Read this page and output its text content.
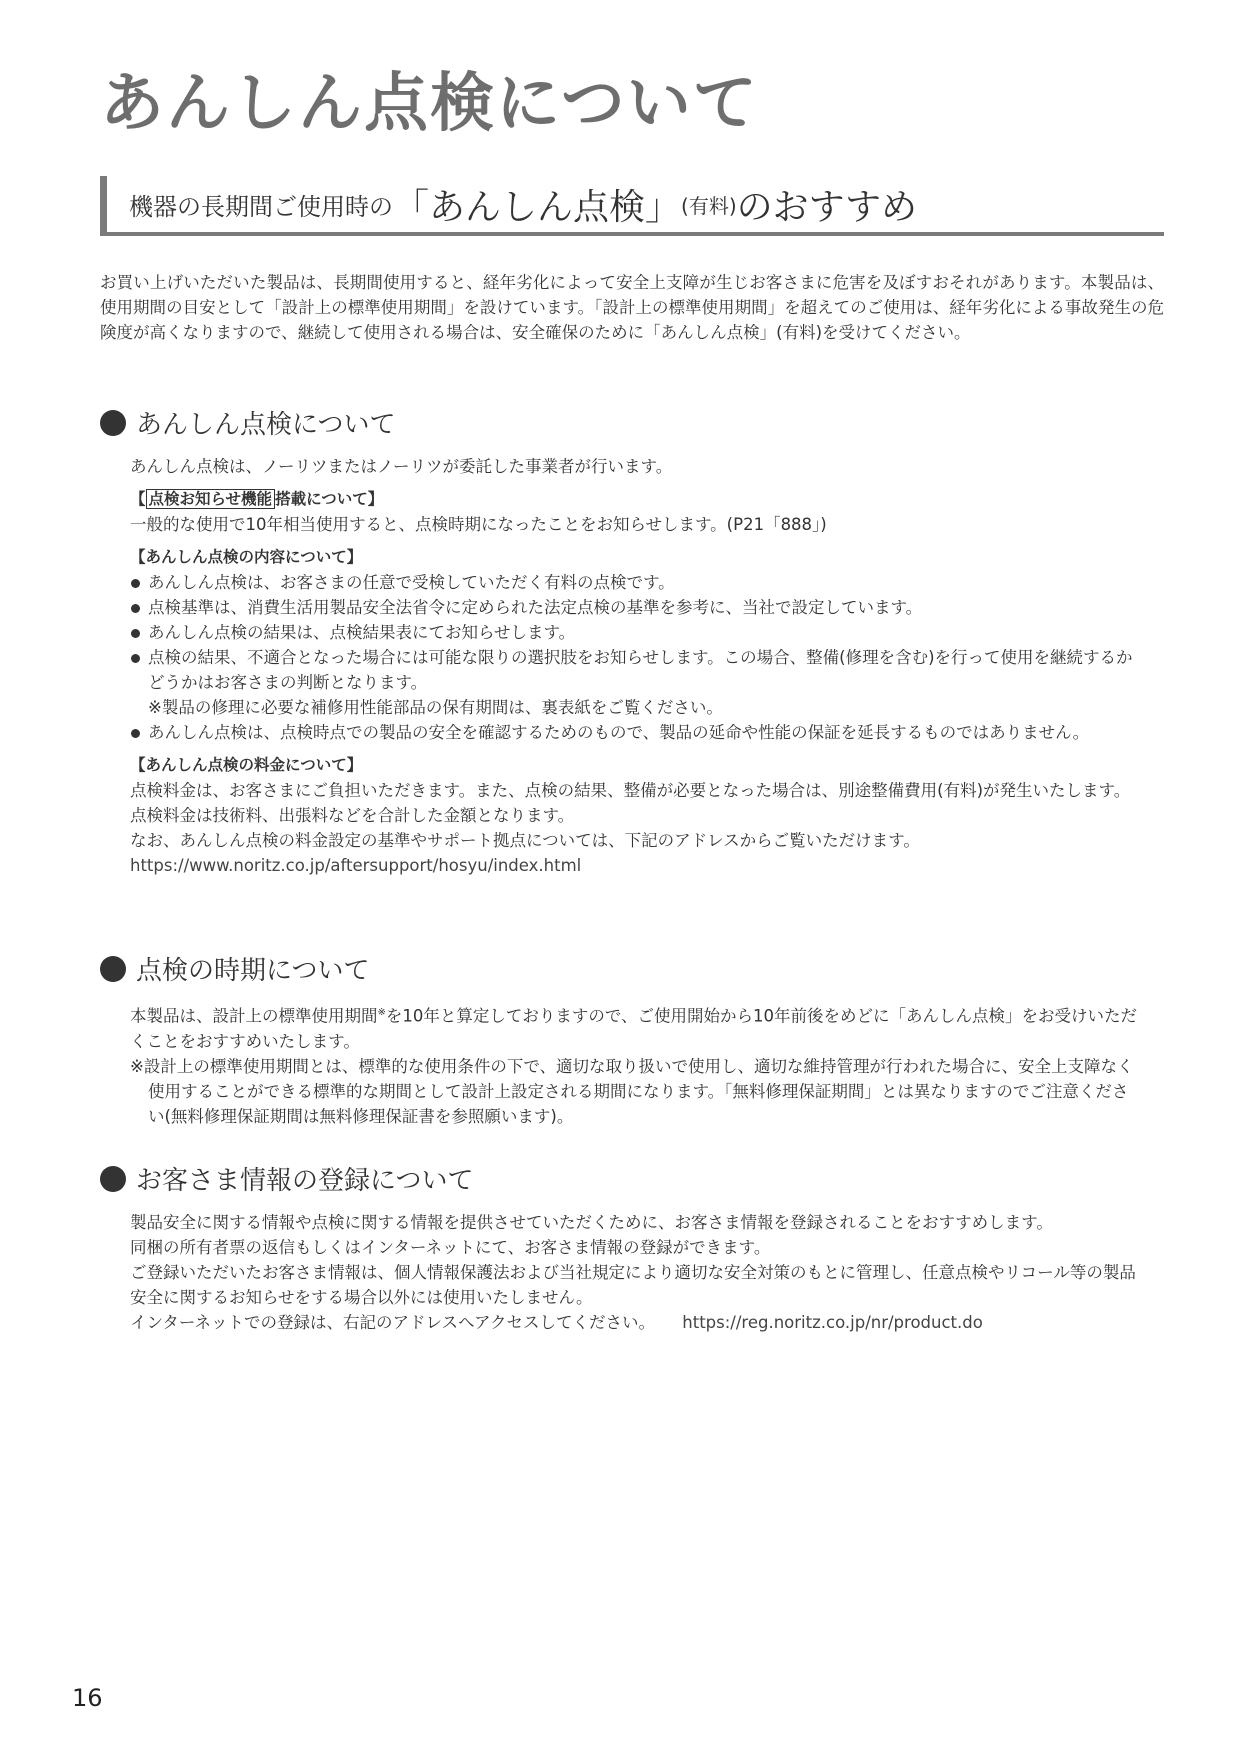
あんしん点検について
機器の長期間ご使用時の 「あんしん点検」 (有料) のおすすめ

お買い上げいただいた製品は、長期間使用すると、経年劣化によって安全上支障が生じお客さまに危害を及ぼすおそれがあります。本製品は、使用期間の目安として「設計上の標準使用期間」を設けています。「設計上の標準使用期間」を超えてのご使用は、経年劣化による事故発生の危険度が高くなりますので、継続して使用される場合は、安全確保のために「あんしん点検」(有料)を受けてください。

あんしん点検について

あんしん点検は、ノーリツまたはノーリツが委託した事業者が行います。

【 点検お知らせ機能 搭載について】

一般的な使用で10年相当使用すると、点検時期になったことをお知らせします。(P21「888」)

【あんしん点検の内容について】

あんしん点検は、お客さまの任意で受検していただく有料の点検です。
点検基準は、消費生活用製品安全法省令に定められた法定点検の基準を参考に、当社で設定しています。
あんしん点検の結果は、点検結果表にてお知らせします。
点検の結果、不適合となった場合には可能な限りの選択肢をお知らせします。この場合、整備(修理を含む)を行って使用を継続するかどうかはお客さまの判断となります。
※製品の修理に必要な補修用性能部品の保有期間は、裏表紙をご覧ください。
あんしん点検は、点検時点での製品の安全を確認するためのもので、製品の延命や性能の保証を延長するものではありません。

【あんしん点検の料金について】

点検料金は、お客さまにご負担いただきます。また、点検の結果、整備が必要となった場合は、別途整備費用(有料)が発生いたします。点検料金は技術料、出張料などを合計した金額となります。

なお、あんしん点検の料金設定の基準やサポート拠点については、下記のアドレスからご覧いただけます。

https://www.noritz.co.jp/aftersupport/hosyu/index.html

点検の時期について

本製品は、設計上の標準使用期間※を10年と算定しておりますので、ご使用開始から10年前後をめどに「あんしん点検」をお受けいただくことをおすすめいたします。

※設計上の標準使用期間とは、標準的な使用条件の下で、適切な取り扱いで使用し、適切な維持管理が行われた場合に、安全上支障なく使用することができる標準的な期間として設計上設定される期間になります。「無料修理保証期間」とは異なりますのでご注意ください(無料修理保証期間は無料修理保証書を参照願います)。

お客さま情報の登録について

製品安全に関する情報や点検に関する情報を提供させていただくために、お客さま情報を登録されることをおすすめします。

同梱の所有者票の返信もしくはインターネットにて、お客さま情報の登録ができます。

ご登録いただいたお客さま情報は、個人情報保護法および当社規定により適切な安全対策のもとに管理し、任意点検やリコール等の製品安全に関するお知らせをする場合以外には使用いたしません。

インターネットでの登録は、右記のアドレスへアクセスしてください。 https://reg.noritz.co.jp/nr/product.do

16
